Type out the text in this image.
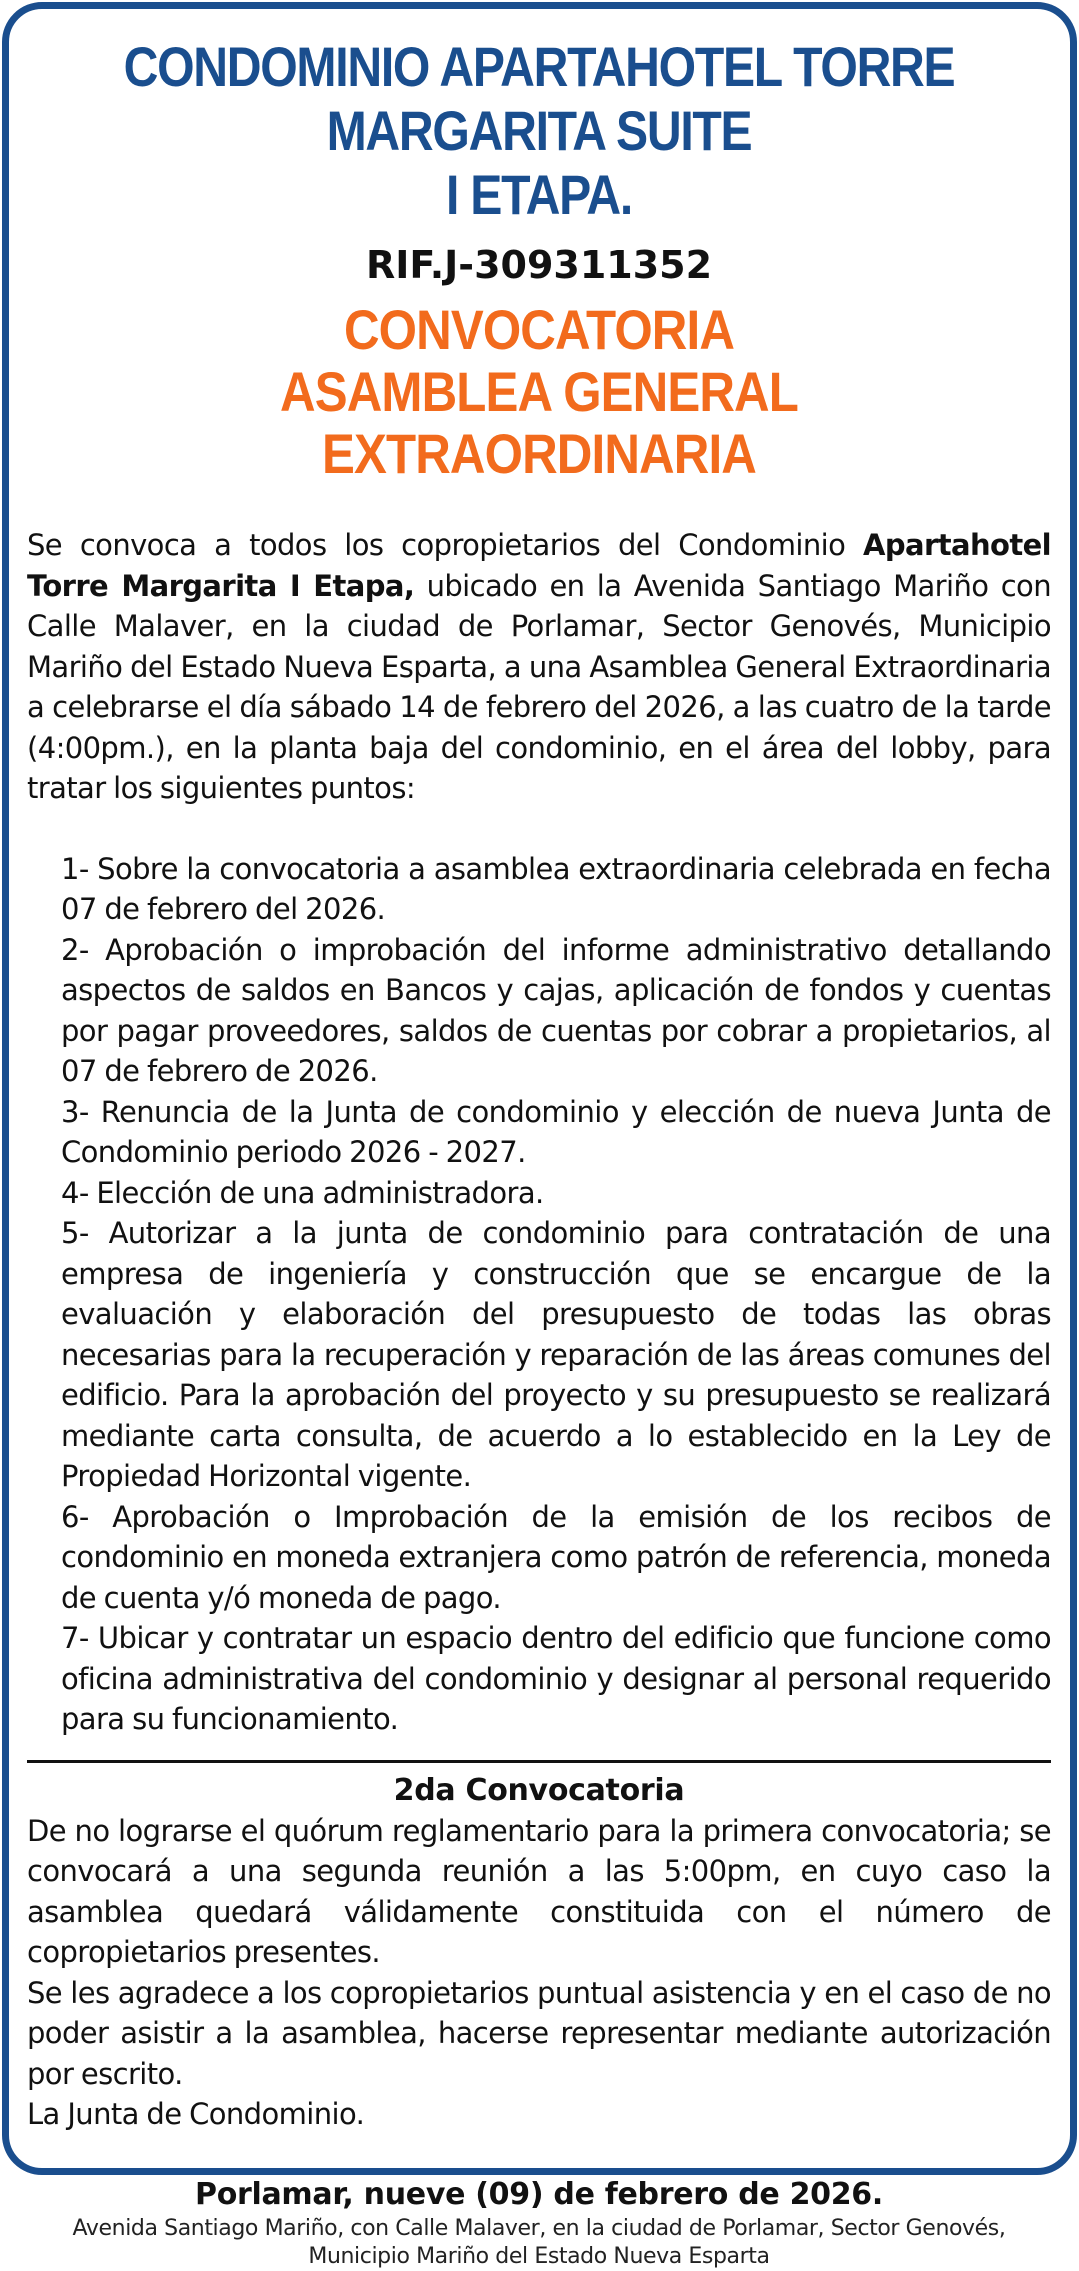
CONDOMINIO APARTAHOTEL TORRE MARGARITA SUITE
I ETAPA.
RIF.J-309311352
CONVOCATORIA
ASAMBLEA GENERAL EXTRAORDINARIA

Se convoca a todos los copropietarios del Condominio Apartahotel Torre Margarita I Etapa, ubicado en la Avenida Santiago Mariño con Calle Malaver, en la ciudad de Porlamar, Sector Genovés, Municipio Mariño del Estado Nueva Esparta, a una Asamblea General Extraordinaria a celebrarse el día sábado 14 de febrero del 2026, a las cuatro de la tarde (4:00pm.), en la planta baja del condominio, en el área del lobby, para tratar los siguientes puntos:

1- Sobre la convocatoria a asamblea extraordinaria celebrada en fecha 07 de febrero del 2026.

2- Aprobación o improbación del informe administrativo detallando aspectos de saldos en Bancos y cajas, aplicación de fondos y cuentas por pagar proveedores, saldos de cuentas por cobrar a propietarios, al 07 de febrero de 2026.

3- Renuncia de la Junta de condominio y elección de nueva Junta de Condominio periodo 2026 - 2027.

4- Elección de una administradora.

5- Autorizar a la junta de condominio para contratación de una empresa de ingeniería y construcción que se encargue de la evaluación y elaboración del presupuesto de todas las obras necesarias para la recuperación y reparación de las áreas comunes del edificio. Para la aprobación del proyecto y su presupuesto se realizará mediante carta consulta, de acuerdo a lo establecido en la Ley de Propiedad Horizontal vigente.

6- Aprobación o Improbación de la emisión de los recibos de condominio en moneda extranjera como patrón de referencia, moneda de cuenta y/ó moneda de pago.

7- Ubicar y contratar un espacio dentro del edificio que funcione como oficina administrativa del condominio y designar al personal requerido para su funcionamiento.

2da Convocatoria

De no lograrse el quórum reglamentario para la primera convocatoria; se convocará a una segunda reunión a las 5:00pm, en cuyo caso la asamblea quedará válidamente constituida con el número de copropietarios presentes.

Se les agradece a los copropietarios puntual asistencia y en el caso de no poder asistir a la asamblea, hacerse representar mediante autorización por escrito.

La Junta de Condominio.

Porlamar, nueve (09) de febrero de 2026.
Avenida Santiago Mariño, con Calle Malaver, en la ciudad de Porlamar, Sector Genovés,
Municipio Mariño del Estado Nueva Esparta
